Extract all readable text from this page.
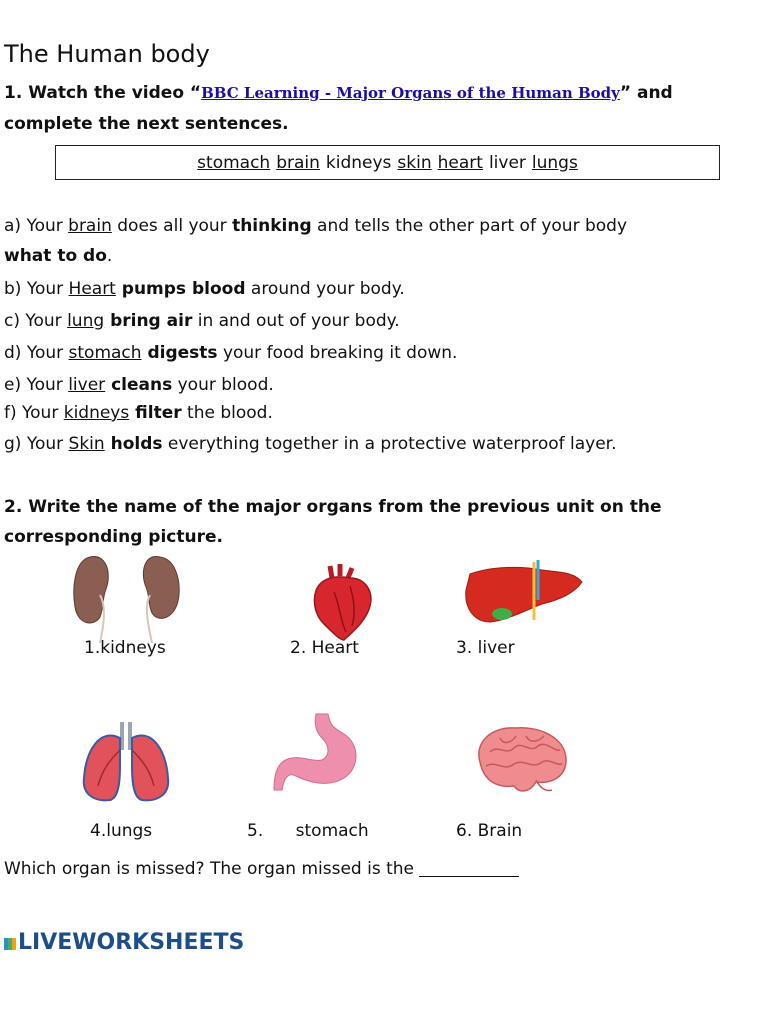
The Human body
1. Watch the video “BBC Learning - Major Organs of the Human Body” and
complete the next sentences.
stomach brain kidneys skin heart liver lungs
a) Your brain does all your thinking and tells the other part of your body
what to do.
b) Your Heart pumps blood around your body.
c) Your lung bring air in and out of your body.
d) Your stomach digests your food breaking it down.
e) Your liver cleans your blood.
f) Your kidneys filter the blood.
g) Your Skin holds everything together in a protective waterproof layer.
2. Write the name of the major organs from the previous unit on the
corresponding picture.
1.kidneys	2. Heart	3. liver
4.lungs	5.      stomach	6. Brain
Which organ is missed? The organ missed is the
LIVEWORKSHEETS
